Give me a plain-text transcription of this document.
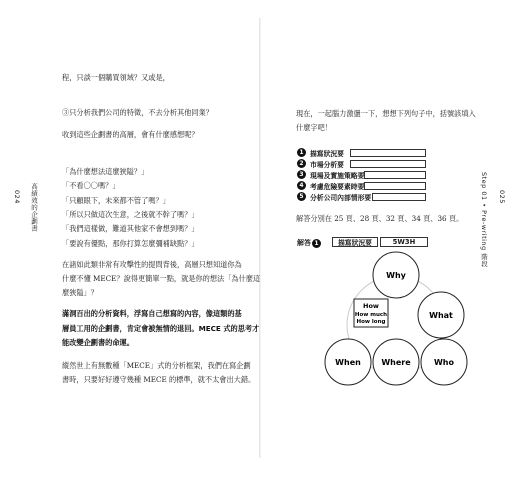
024 高績效的企劃書
程，只談一個購買領域？又或是，
③只分析我們公司的特徵，不去分析其他同業？
收到這些企劃書的高層，會有什麼感想呢？
「為什麼想法這麼狹隘？」
「不看〇〇嗎？」
「只顧眼下，未來都不管了嗎？」
「所以只做這次生意，之後就不幹了嗎？」
「我們這樣做，難道其他家不會想到嗎？」
「要說有優點，那你打算怎麼彌補缺點？」
在諸如此類非常有攻擊性的提問背後，高層只想知道你為
什麼不懂 MECE？說得更簡單一點，就是你的想法「為什麼這
麼狹隘」？
滿洞百出的分析資料，浮寫自己想寫的內容，像這類的基
層員工用的企劃書，肯定會被無情的退回。MECE 式的思考才
能改變企劃書的命運。
縱然世上有無數種「MECE」式的分析框架，我們在寫企劃
書時，只要好好遵守幾種 MECE 的標準，就不太會出大錯。
025
Step 01 • Pre-writing 階段
現在，一起腦力激盪一下，想想下列句子中，括號該填入
什麼字吧！
1 描寫狀況要
2 市場分析要
3 現場及實施策略要
4 考慮危險要素時要
5 分析公司內部情形要
解答分別在 25 頁、28 頁、32 頁、34 頁、36 頁。
解答 1	描寫狀況要	5W3H
Why
What
Who
Where
When
How
How much
How long
